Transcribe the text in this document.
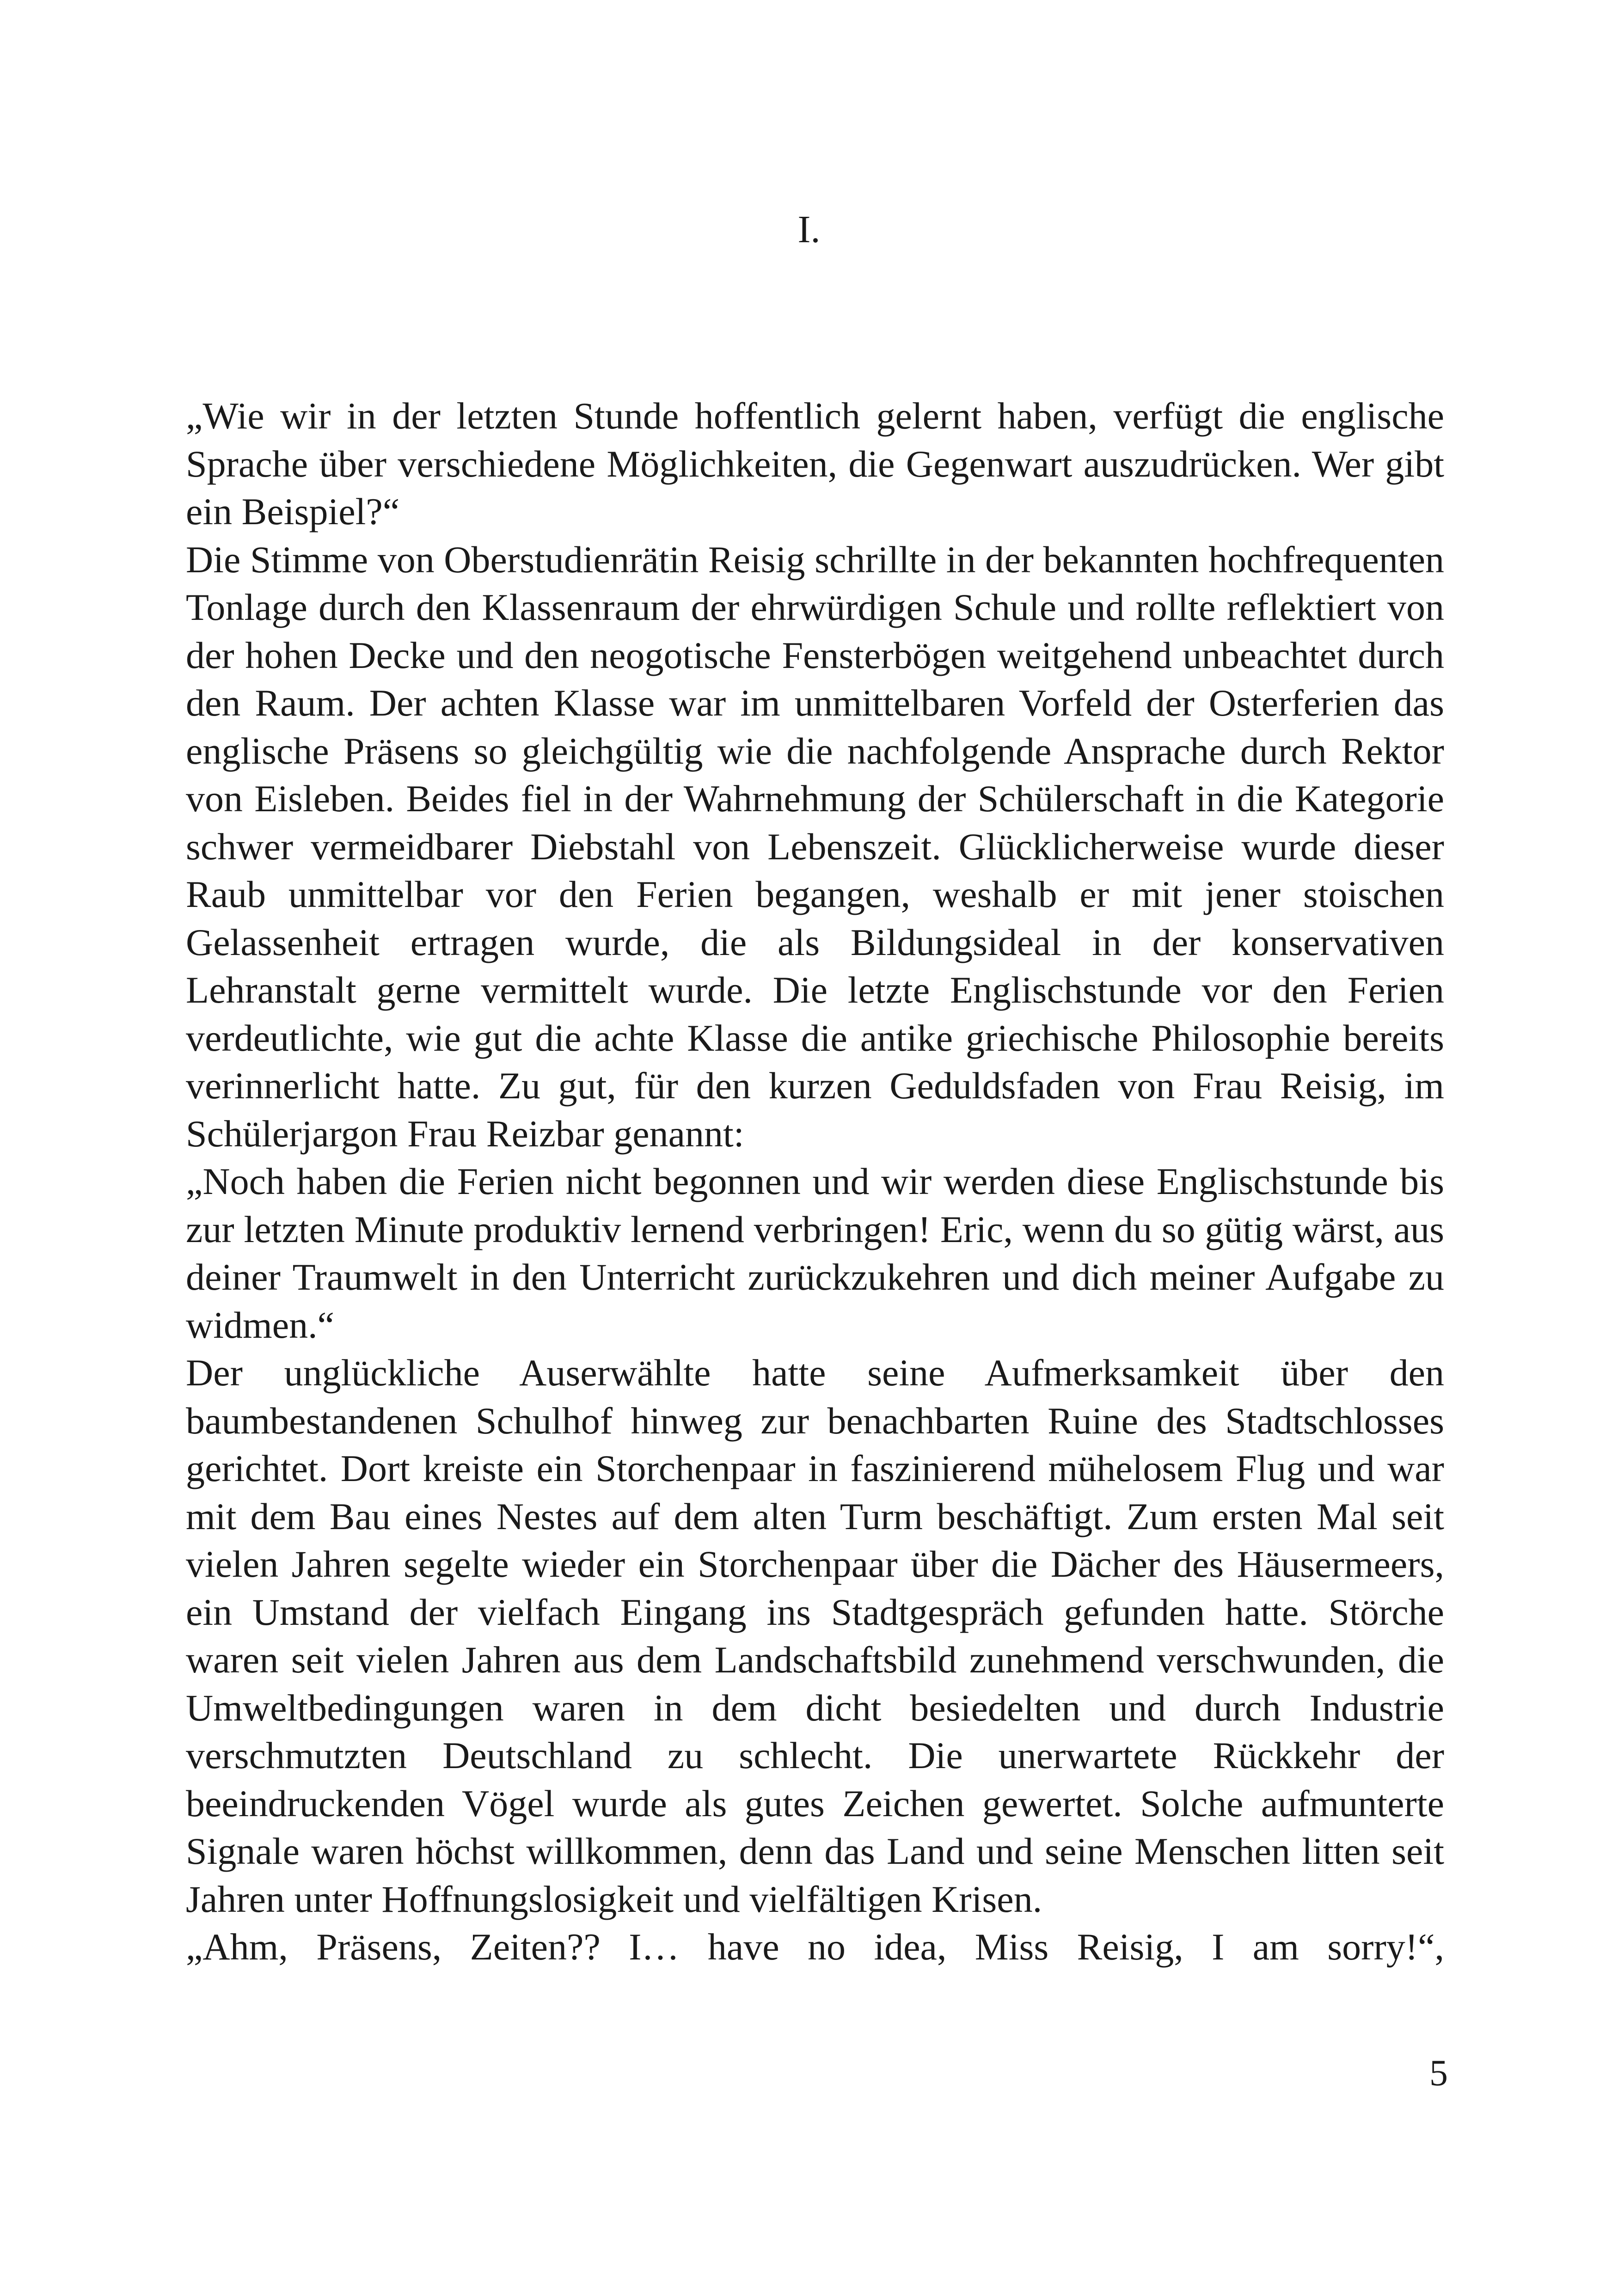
I.

„Wie wir in der letzten Stunde hoffentlich gelernt haben, verfügt die englische Sprache über verschiedene Möglichkeiten, die Gegenwart auszudrücken. Wer gibt ein Beispiel?“

Die Stimme von Oberstudienrätin Reisig schrillte in der bekannten hochfrequenten Tonlage durch den Klassenraum der ehrwürdigen Schule und rollte reflektiert von der hohen Decke und den neogotische Fensterbögen weitgehend unbeachtet durch den Raum. Der achten Klasse war im unmittelbaren Vorfeld der Osterferien das englische Präsens so gleichgültig wie die nachfolgende Ansprache durch Rektor von Eisleben. Beides fiel in der Wahrnehmung der Schülerschaft in die Kategorie schwer vermeidbarer Diebstahl von Lebenszeit. Glücklicherweise wurde dieser Raub unmittelbar vor den Ferien begangen, weshalb er mit jener stoischen Gelassenheit ertragen wurde, die als Bildungsideal in der konservativen Lehranstalt gerne vermittelt wurde. Die letzte Englischstunde vor den Ferien verdeutlichte, wie gut die achte Klasse die antike griechische Philosophie bereits verinnerlicht hatte. Zu gut, für den kurzen Geduldsfaden von Frau Reisig, im Schülerjargon Frau Reizbar genannt:

„Noch haben die Ferien nicht begonnen und wir werden diese Englischstunde bis zur letzten Minute produktiv lernend verbringen! Eric, wenn du so gütig wärst, aus deiner Traumwelt in den Unterricht zurückzukehren und dich meiner Aufgabe zu widmen.“

Der unglückliche Auserwählte hatte seine Aufmerksamkeit über den baumbestandenen Schulhof hinweg zur benachbarten Ruine des Stadtschlosses gerichtet. Dort kreiste ein Storchenpaar in faszinierend mühelosem Flug und war mit dem Bau eines Nestes auf dem alten Turm beschäftigt. Zum ersten Mal seit vielen Jahren segelte wieder ein Storchenpaar über die Dächer des Häusermeers, ein Umstand der vielfach Eingang ins Stadtgespräch gefunden hatte. Störche waren seit vielen Jahren aus dem Landschaftsbild zunehmend verschwunden, die Umweltbedingungen waren in dem dicht besiedelten und durch Industrie verschmutzten Deutschland zu schlecht. Die unerwartete Rückkehr der beeindruckenden Vögel wurde als gutes Zeichen gewertet. Solche aufmunterte Signale waren höchst willkommen, denn das Land und seine Menschen litten seit Jahren unter Hoffnungslosigkeit und vielfältigen Krisen.

„Ahm, Präsens, Zeiten?? I… have no idea, Miss Reisig, I am sorry!“,

5
